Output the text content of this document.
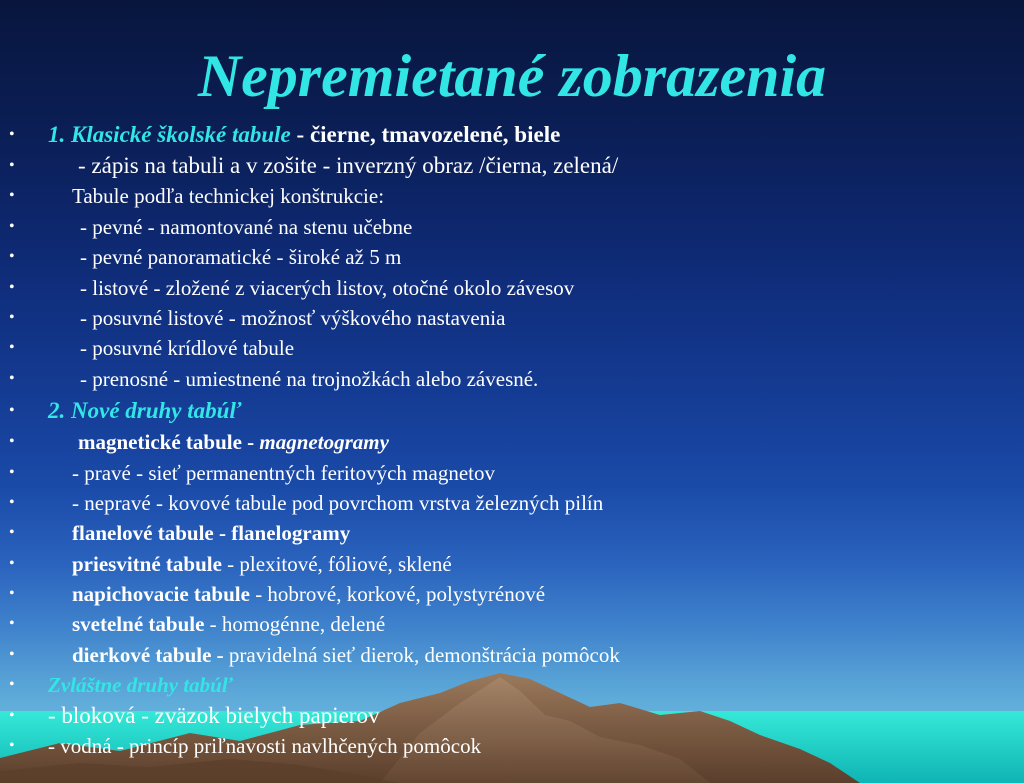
Nepremietané zobrazenia
• 1. Klasické školské tabule - čierne, tmavozelené, biele
•	- zápis na tabuli a v zošite - inverzný obraz /čierna, zelená/
•	Tabule podľa technickej konštrukcie:
•	- pevné - namontované na stenu učebne
•	- pevné panoramatické - široké až 5 m
•	- listové - zložené z viacerých listov, otočné okolo závesov
•	- posuvné listové - možnosť výškového nastavenia
•	- posuvné krídlové tabule
•	- prenosné - umiestnené na trojnožkách alebo závesné.
• 2. Nové druhy tabúľ
•	magnetické tabule - magnetogramy
•	- pravé - sieť permanentných feritových magnetov
•	- nepravé - kovové tabule pod povrchom vrstva železných pilín
•	flanelové tabule - flanelogramy
•	priesvitné tabule - plexitové, fóliové, sklené
•	napichovacie tabule - hobrové, korkové, polystyrénové
•	svetelné tabule - homogénne, delené
•	dierkové tabule - pravidelná sieť dierok, demonštrácia pomôcok
• Zvláštne druhy tabúľ
• - bloková - zväzok bielych papierov
• - vodná - princíp priľnavosti navlhčených pomôcok
